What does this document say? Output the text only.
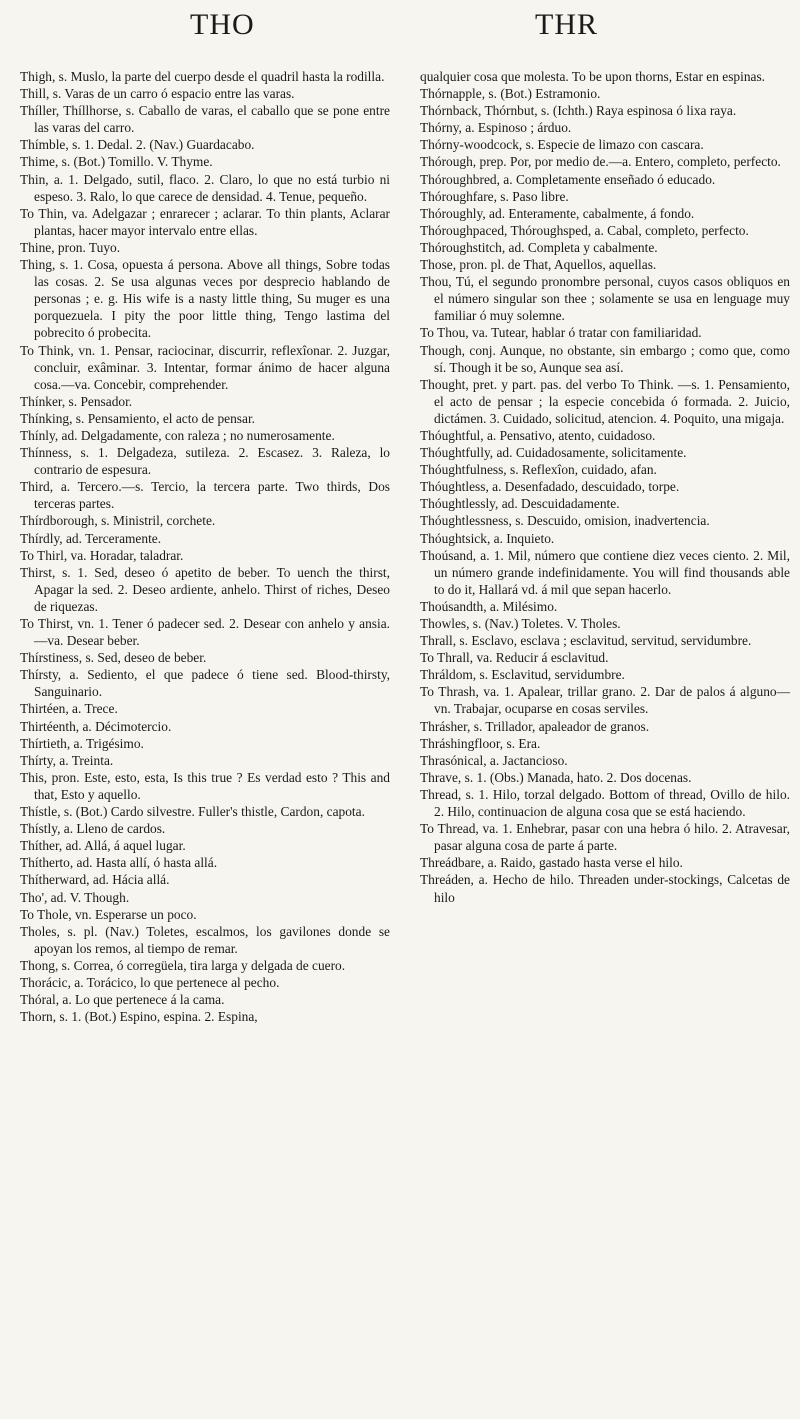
THO	THR

Thigh, s. Muslo, la parte del cuerpo desde el quadril hasta la rodilla.

Thill, s. Varas de un carro ó espacio entre las varas.

Thíller, Thíllhorse, s. Caballo de varas, el caballo que se pone entre las varas del carro.

Thímble, s. 1. Dedal. 2. (Nav.) Guardacabo.

Thime, s. (Bot.) Tomillo. V. Thyme.

Thin, a. 1. Delgado, sutil, flaco. 2. Claro, lo que no está turbio ni espeso. 3. Ralo, lo que carece de densidad. 4. Tenue, pequeño.

To Thin, va. Adelgazar ; enrarecer ; aclarar. To thin plants, Aclarar plantas, hacer mayor intervalo entre ellas.

Thine, pron. Tuyo.

Thing, s. 1. Cosa, opuesta á persona. Above all things, Sobre todas las cosas. 2. Se usa algunas veces por desprecio hablando de personas ; e. g. His wife is a nasty little thing, Su muger es una porquezuela. I pity the poor little thing, Tengo lastima del pobrecito ó probecita.

To Think, vn. 1. Pensar, raciocinar, discurrir, reflexîonar. 2. Juzgar, concluir, exâminar. 3. Intentar, formar ánimo de hacer alguna cosa.—va. Concebir, comprehender.

Thínker, s. Pensador.

Thínking, s. Pensamiento, el acto de pensar.

Thínly, ad. Delgadamente, con raleza ; no numerosamente.

Thínness, s. 1. Delgadeza, sutileza. 2. Escasez. 3. Raleza, lo contrario de espesura.

Third, a. Tercero.—s. Tercio, la tercera parte. Two thirds, Dos terceras partes.

Thírdborough, s. Ministril, corchete.

Thírdly, ad. Terceramente.

To Thirl, va. Horadar, taladrar.

Thirst, s. 1. Sed, deseo ó apetito de beber. To uench the thirst, Apagar la sed. 2. Deseo ardiente, anhelo. Thirst of riches, Deseo de riquezas.

To Thirst, vn. 1. Tener ó padecer sed. 2. Desear con anhelo y ansia.—va. Desear beber.

Thírstiness, s. Sed, deseo de beber.

Thírsty, a. Sediento, el que padece ó tiene sed. Blood-thirsty, Sanguinario.

Thirtéen, a. Trece.

Thirtéenth, a. Décimotercio.

Thírtieth, a. Trigésimo.

Thírty, a. Treinta.

This, pron. Este, esto, esta, Is this true ? Es verdad esto ? This and that, Esto y aquello.

Thístle, s. (Bot.) Cardo silvestre. Fuller's thistle, Cardon, capota.

Thístly, a. Lleno de cardos.

Thíther, ad. Allá, á aquel lugar.

Thítherto, ad. Hasta allí, ó hasta allá.

Thítherward, ad. Hácia allá.

Tho', ad. V. Though.

To Thole, vn. Esperarse un poco.

Tholes, s. pl. (Nav.) Toletes, escalmos, los gavilones donde se apoyan los remos, al tiempo de remar.

Thong, s. Correa, ó corregüela, tira larga y delgada de cuero.

Thorácic, a. Torácico, lo que pertenece al pecho.

Thóral, a. Lo que pertenece á la cama.

Thorn, s. 1. (Bot.) Espino, espina. 2. Espina,

qualquier cosa que molesta. To be upon thorns, Estar en espinas.

Thórnapple, s. (Bot.) Estramonio.

Thórnback, Thórnbut, s. (Ichth.) Raya espinosa ó lixa raya.

Thórny, a. Espinoso ; árduo.

Thórny-woodcock, s. Especie de limazo con cascara.

Thórough, prep. Por, por medio de.—a. Entero, completo, perfecto.

Thóroughbred, a. Completamente enseñado ó educado.

Thóroughfare, s. Paso libre.

Thóroughly, ad. Enteramente, cabalmente, á fondo.

Thóroughpaced, Thóroughsped, a. Cabal, completo, perfecto.

Thóroughstitch, ad. Completa y cabalmente.

Those, pron. pl. de That, Aquellos, aquellas.

Thou, Tú, el segundo pronombre personal, cuyos casos obliquos en el número singular son thee ; solamente se usa en lenguage muy familiar ó muy solemne.

To Thou, va. Tutear, hablar ó tratar con familiaridad.

Though, conj. Aunque, no obstante, sin embargo ; como que, como sí. Though it be so, Aunque sea así.

Thought, pret. y part. pas. del verbo To Think. —s. 1. Pensamiento, el acto de pensar ; la especie concebida ó formada. 2. Juicio, dictámen. 3. Cuidado, solicitud, atencion. 4. Poquito, una migaja.

Thóughtful, a. Pensativo, atento, cuidadoso.

Thóughtfully, ad. Cuidadosamente, solicitamente.

Thóughtfulness, s. Reflexîon, cuidado, afan.

Thóughtless, a. Desenfadado, descuidado, torpe.

Thóughtlessly, ad. Descuidadamente.

Thóughtlessness, s. Descuido, omision, inadvertencia.

Thóughtsick, a. Inquieto.

Thoúsand, a. 1. Mil, número que contiene diez veces ciento. 2. Mil, un número grande indefinidamente. You will find thousands able to do it, Hallará vd. á mil que sepan hacerlo.

Thoúsandth, a. Milésimo.

Thowles, s. (Nav.) Toletes. V. Tholes.

Thrall, s. Esclavo, esclava ; esclavitud, servitud, servidumbre.

To Thrall, va. Reducir á esclavitud.

Thráldom, s. Esclavitud, servidumbre.

To Thrash, va. 1. Apalear, trillar grano. 2. Dar de palos á alguno—vn. Trabajar, ocuparse en cosas serviles.

Thrásher, s. Trillador, apaleador de granos.

Thráshingfloor, s. Era.

Thrasónical, a. Jactancioso.

Thrave, s. 1. (Obs.) Manada, hato. 2. Dos docenas.

Thread, s. 1. Hilo, torzal delgado. Bottom of thread, Ovillo de hilo. 2. Hilo, continuacion de alguna cosa que se está haciendo.

To Thread, va. 1. Enhebrar, pasar con una hebra ó hilo. 2. Atravesar, pasar alguna cosa de parte á parte.

Threádbare, a. Raido, gastado hasta verse el hilo.

Threáden, a. Hecho de hilo. Threaden under-stockings, Calcetas de hilo
